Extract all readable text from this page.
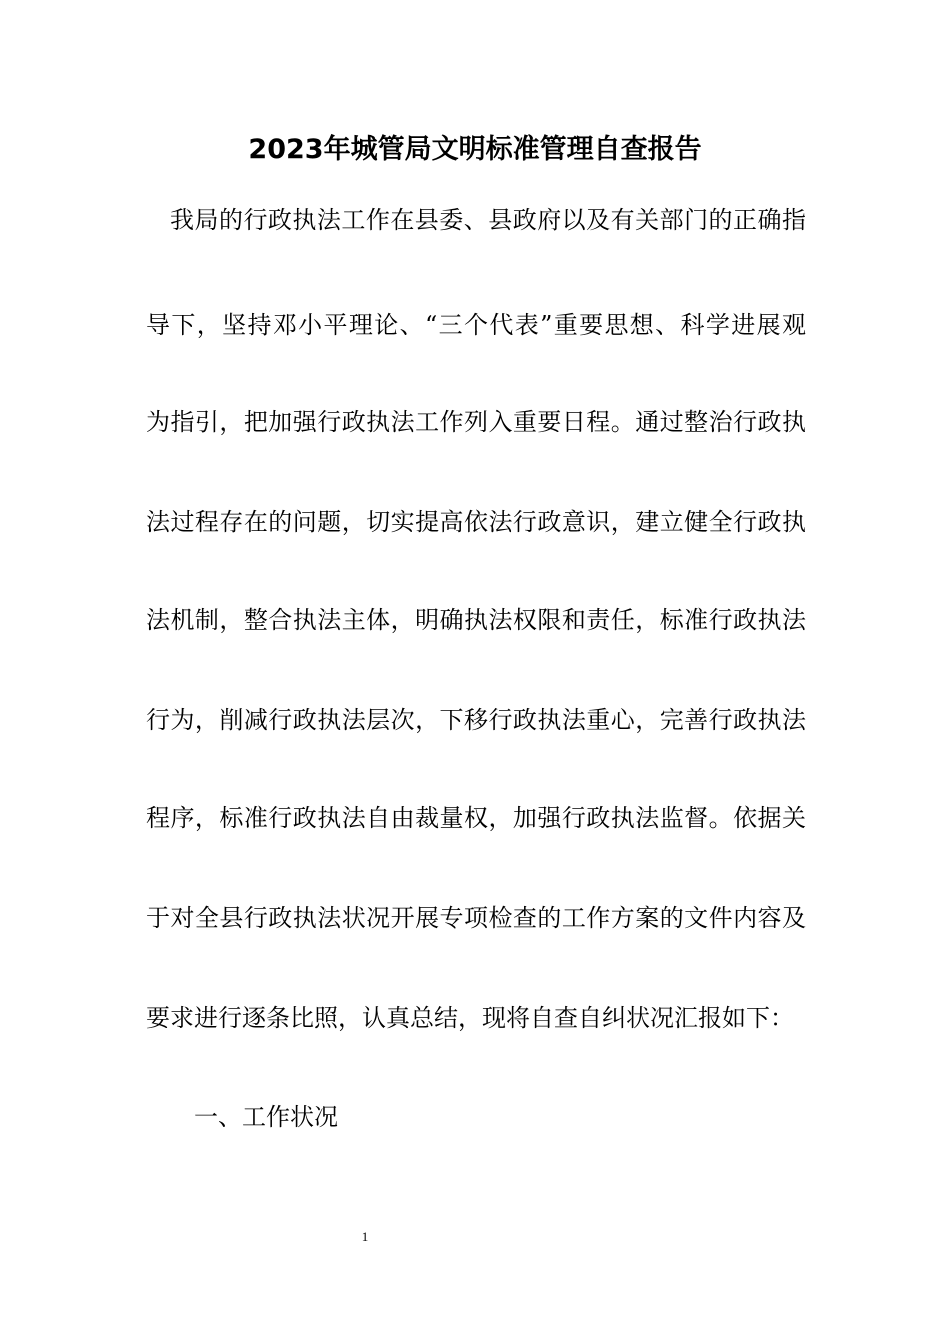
2023年城管局文明标准管理自查报告
我局的行政执法工作在县委、县政府以及有关部门的正确指
导下，坚持邓小平理论、“三个代表”重要思想、科学进展观
为指引，把加强行政执法工作列入重要日程。通过整治行政执
法过程存在的问题，切实提高依法行政意识，建立健全行政执
法机制，整合执法主体，明确执法权限和责任，标准行政执法
行为，削减行政执法层次，下移行政执法重心，完善行政执法
程序，标准行政执法自由裁量权，加强行政执法监督。依据关
于对全县行政执法状况开展专项检查的工作方案的文件内容及
要求进行逐条比照，认真总结，现将自查自纠状况汇报如下：
一、工作状况
1
